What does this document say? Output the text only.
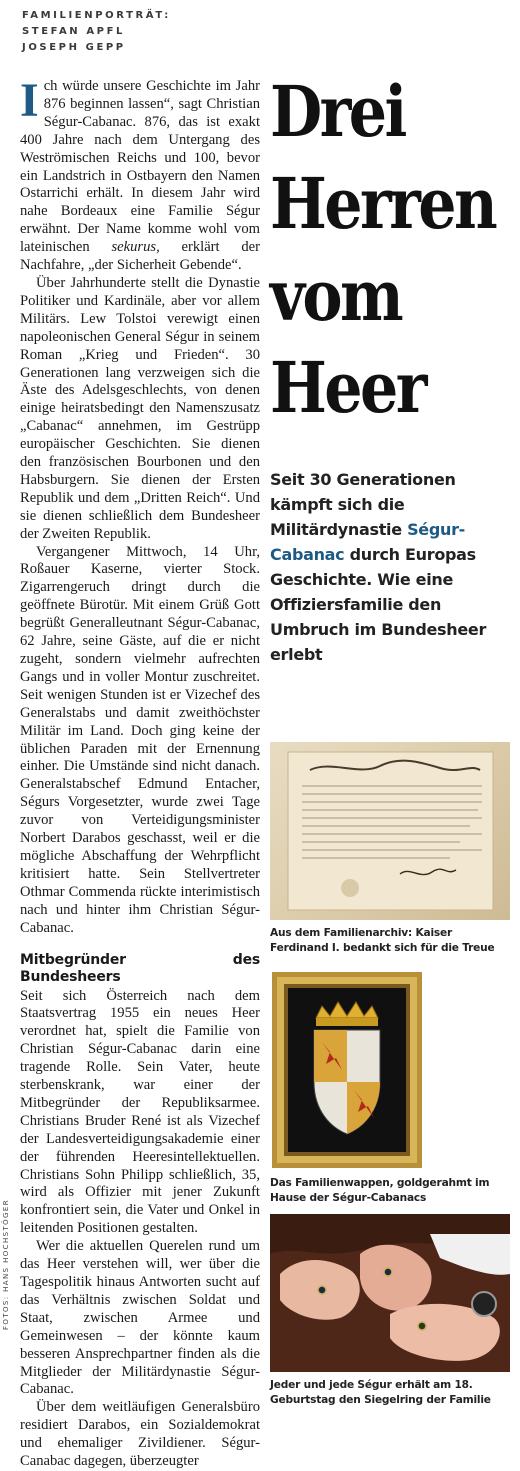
FAMILIENPORTRÄT:
STEFAN APFL
JOSEPH GEPP

Ich würde unsere Geschichte im Jahr 876 beginnen lassen“, sagt Christian Ségur-Cabanac. 876, das ist exakt 400 Jahre nach dem Untergang des Weströmischen Reichs und 100, bevor ein Landstrich in Ostbayern den Namen Ostarrichi erhält. In diesem Jahr wird nahe Bordeaux eine Familie Ségur erwähnt. Der Name komme wohl vom lateinischen sekurus, erklärt der Nachfahre, „der Sicherheit Gebende“.

Über Jahrhunderte stellt die Dynastie Politiker und Kardinäle, aber vor allem Militärs. Lew Tolstoi verewigt einen napoleonischen General Ségur in seinem Roman „Krieg und Frieden“. 30 Generationen lang verzweigen sich die Äste des Adelsgeschlechts, von denen einige heiratsbedingt den Namenszusatz „Cabanac“ annehmen, im Gestrüpp europäischer Geschichten. Sie dienen den französischen Bourbonen und den Habsburgern. Sie dienen der Ersten Republik und dem „Dritten Reich“. Und sie dienen schließlich dem Bundesheer der Zweiten Republik.

Vergangener Mittwoch, 14 Uhr, Roßauer Kaserne, vierter Stock. Zigarrengeruch dringt durch die geöffnete Bürotür. Mit einem Grüß Gott begrüßt Generalleutnant Ségur-Cabanac, 62 Jahre, seine Gäste, auf die er nicht zugeht, sondern vielmehr aufrechten Gangs und in voller Montur zuschreitet. Seit wenigen Stunden ist er Vizechef des Generalstabs und damit zweithöchster Militär im Land. Doch ging keine der üblichen Paraden mit der Ernennung einher. Die Umstände sind nicht danach. Generalstabschef Edmund Entacher, Ségurs Vorgesetzter, wurde zwei Tage zuvor von Verteidigungsminister Norbert Darabos geschasst, weil er die mögliche Abschaffung der Wehrpflicht kritisiert hatte. Sein Stellvertreter Othmar Commenda rückte interimistisch nach und hinter ihm Christian Ségur-Cabanac.

Mitbegründer des Bundesheers

Seit sich Österreich nach dem Staatsvertrag 1955 ein neues Heer verordnet hat, spielt die Familie von Christian Ségur-Cabanac darin eine tragende Rolle. Sein Vater, heute sterbenskrank, war einer der Mitbegründer der Republiksarmee. Christians Bruder René ist als Vizechef der Landesverteidigungsakademie einer der führenden Heeresintellektuellen. Christians Sohn Philipp schließlich, 35, wird als Offizier mit jener Zukunft konfrontiert sein, die Vater und Onkel in leitenden Positionen gestalten.

Wer die aktuellen Querelen rund um das Heer verstehen will, wer über die Tagespolitik hinaus Antworten sucht auf das Verhältnis zwischen Soldat und Staat, zwischen Armee und Gemeinwesen – der könnte kaum besseren Ansprechpartner finden als die Mitglieder der Militärdynastie Ségur-Cabanac.

Über dem weitläufigen Generalsbüro residiert Darabos, ein Sozialdemokrat und ehemaliger Zivildiener. Ségur-Canabac dagegen, überzeugter

Drei
Herren
vom
Heer
Seit 30 Generationen kämpft sich die Militärdynastie Ségur-Cabanac durch Europas Geschichte. Wie eine Offiziersfamilie den Umbruch im Bundesheer erlebt
Aus dem Familienarchiv: Kaiser Ferdinand I. bedankt sich für die Treue
Das Familienwappen, goldgerahmt im Hause der Ségur-Cabanacs
Jeder und jede Ségur erhält am 18. Geburtstag den Siegelring der Familie
FOTOS: HANS HOCHSTÖGER
